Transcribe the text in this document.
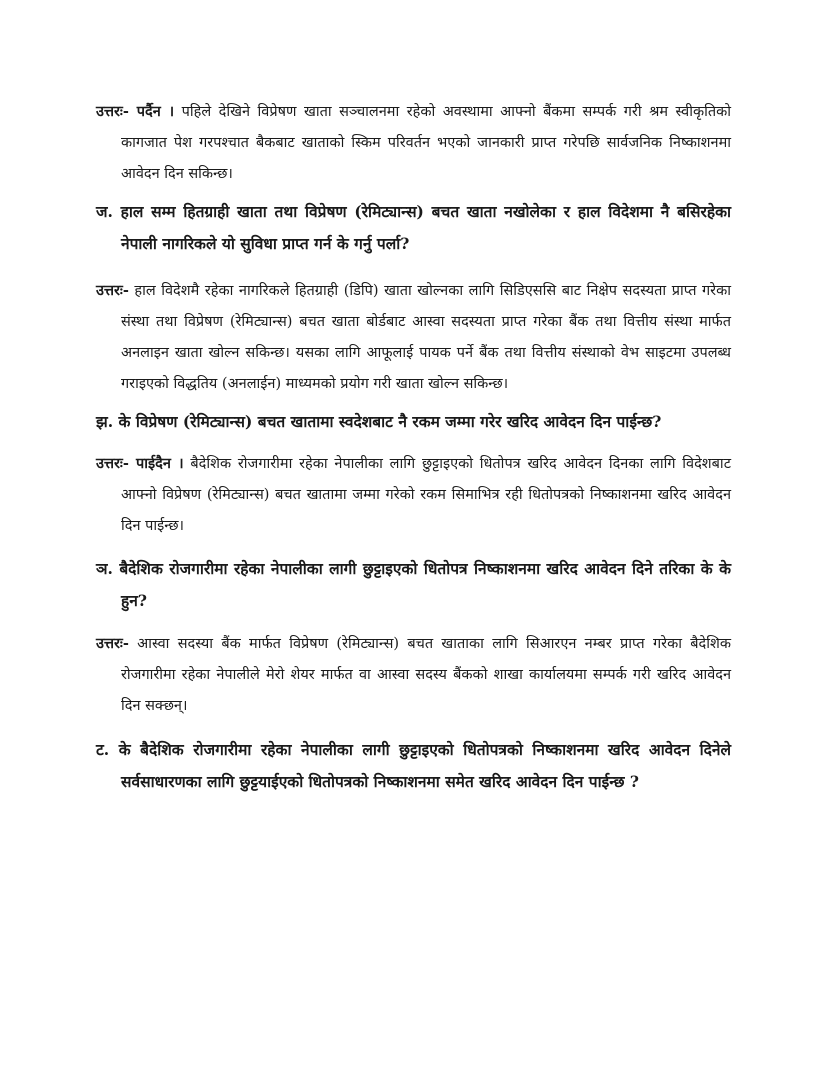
उत्तरः- पर्दैन । पहिले देखिने विप्रेषण खाता सञ्चालनमा रहेको अवस्थामा आफ्नो बैंकमा सम्पर्क गरी श्रम स्वीकृतिको कागजात पेश गरपश्चात बैकबाट खाताको स्किम परिवर्तन भएको जानकारी प्राप्त गरेपछि सार्वजनिक निष्काशनमा आवेदन दिन सकिन्छ।

ज. हाल सम्म हितग्राही खाता तथा विप्रेषण (रेमिट्यान्स) बचत खाता नखोलेका र हाल विदेशमा नै बसिरहेका नेपाली नागरिकले यो सुविधा प्राप्त गर्न के गर्नु पर्ला?

उत्तरः- हाल विदेशमै रहेका नागरिकले हितग्राही (डिपि) खाता खोल्नका लागि सिडिएससि बाट निक्षेप सदस्यता प्राप्त गरेका संस्था तथा विप्रेषण (रेमिट्यान्स) बचत खाता बोर्डबाट आस्वा सदस्यता प्राप्त गरेका बैंक तथा वित्तीय संस्था मार्फत अनलाइन खाता खोल्न सकिन्छ। यसका लागि आफूलाई पायक पर्ने बैंक तथा वित्तीय संस्थाको वेभ साइटमा उपलब्ध गराइएको विद्धतिय (अनलाईन) माध्यमको प्रयोग गरी खाता खोल्न सकिन्छ।

झ. के विप्रेषण (रेमिट्यान्स) बचत खातामा स्वदेशबाट नै रकम जम्मा गरेर खरिद आवेदन दिन पाईन्छ?

उत्तरः- पाईदैन । बैदेशिक रोजगारीमा रहेका नेपालीका लागि छुट्टाइएको धितोपत्र खरिद आवेदन दिनका लागि विदेशबाट आफ्नो विप्रेषण (रेमिट्यान्स) बचत खातामा जम्मा गरेको रकम सिमाभित्र रही धितोपत्रको निष्काशनमा खरिद आवेदन दिन पाईन्छ।

ञ. बैदेशिक रोजगारीमा रहेका नेपालीका लागी छुट्टाइएको धितोपत्र निष्काशनमा खरिद आवेदन दिने तरिका के के हुन?

उत्तरः- आस्वा सदस्या बैंक मार्फत विप्रेषण (रेमिट्यान्स) बचत खाताका लागि सिआरएन नम्बर प्राप्त गरेका बैदेशिक रोजगारीमा रहेका नेपालीले मेरो शेयर मार्फत वा आस्वा सदस्य बैंकको शाखा कार्यालयमा सम्पर्क गरी खरिद आवेदन दिन सक्छन्।

ट. के बैदेशिक रोजगारीमा रहेका नेपालीका लागी छुट्टाइएको धितोपत्रको निष्काशनमा खरिद आवेदन दिनेले सर्वसाधारणका लागि छुट्टयाईएको धितोपत्रको निष्काशनमा समेत खरिद आवेदन दिन पाईन्छ ?
